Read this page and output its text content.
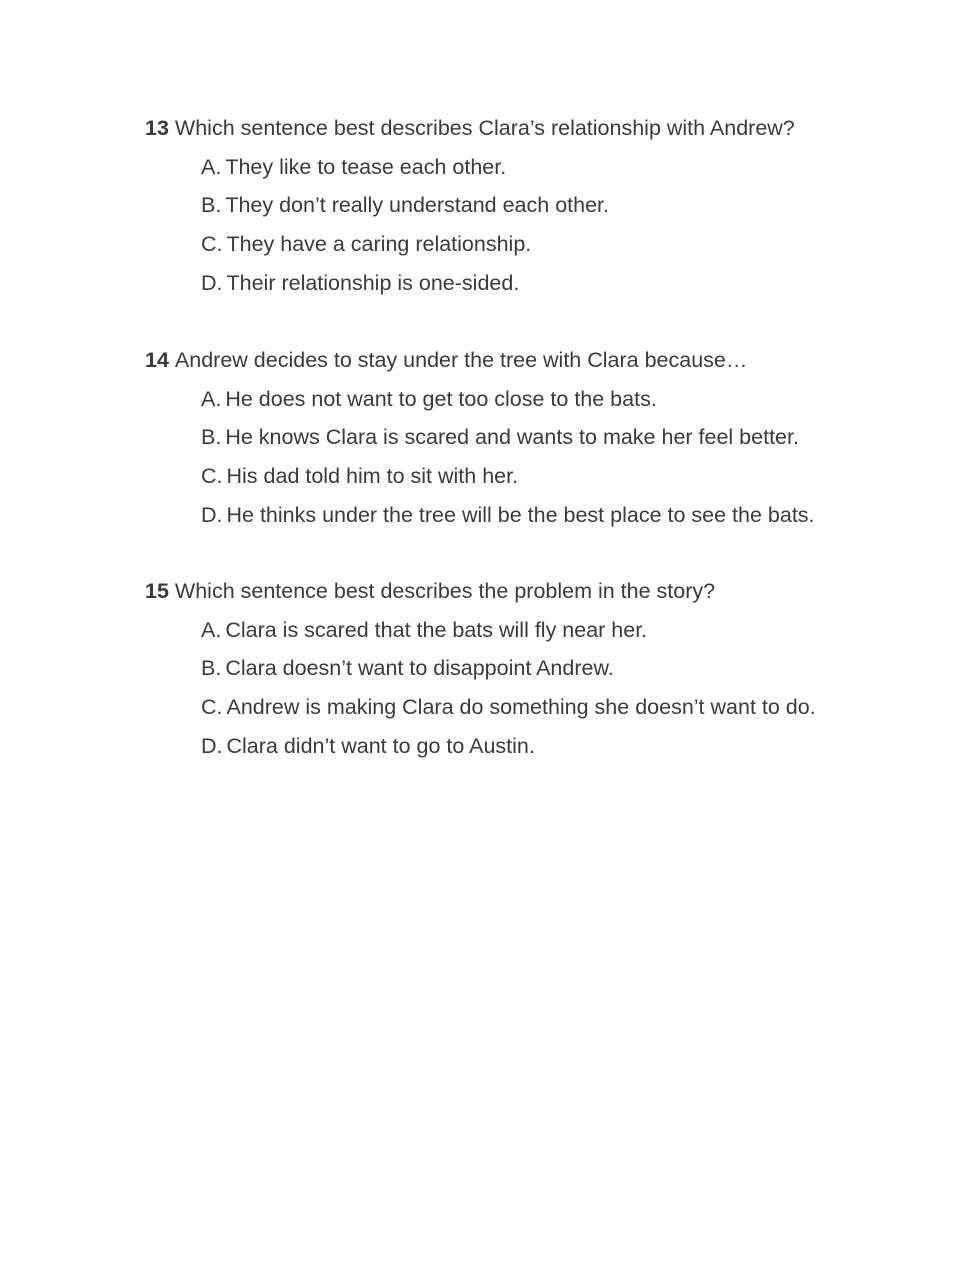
13 Which sentence best describes Clara’s relationship with Andrew?
A. They like to tease each other.
B. They don’t really understand each other.
C. They have a caring relationship.
D. Their relationship is one-sided.
14 Andrew decides to stay under the tree with Clara because…
A. He does not want to get too close to the bats.
B. He knows Clara is scared and wants to make her feel better.
C. His dad told him to sit with her.
D. He thinks under the tree will be the best place to see the bats.
15 Which sentence best describes the problem in the story?
A. Clara is scared that the bats will fly near her.
B. Clara doesn’t want to disappoint Andrew.
C. Andrew is making Clara do something she doesn’t want to do.
D. Clara didn’t want to go to Austin.
